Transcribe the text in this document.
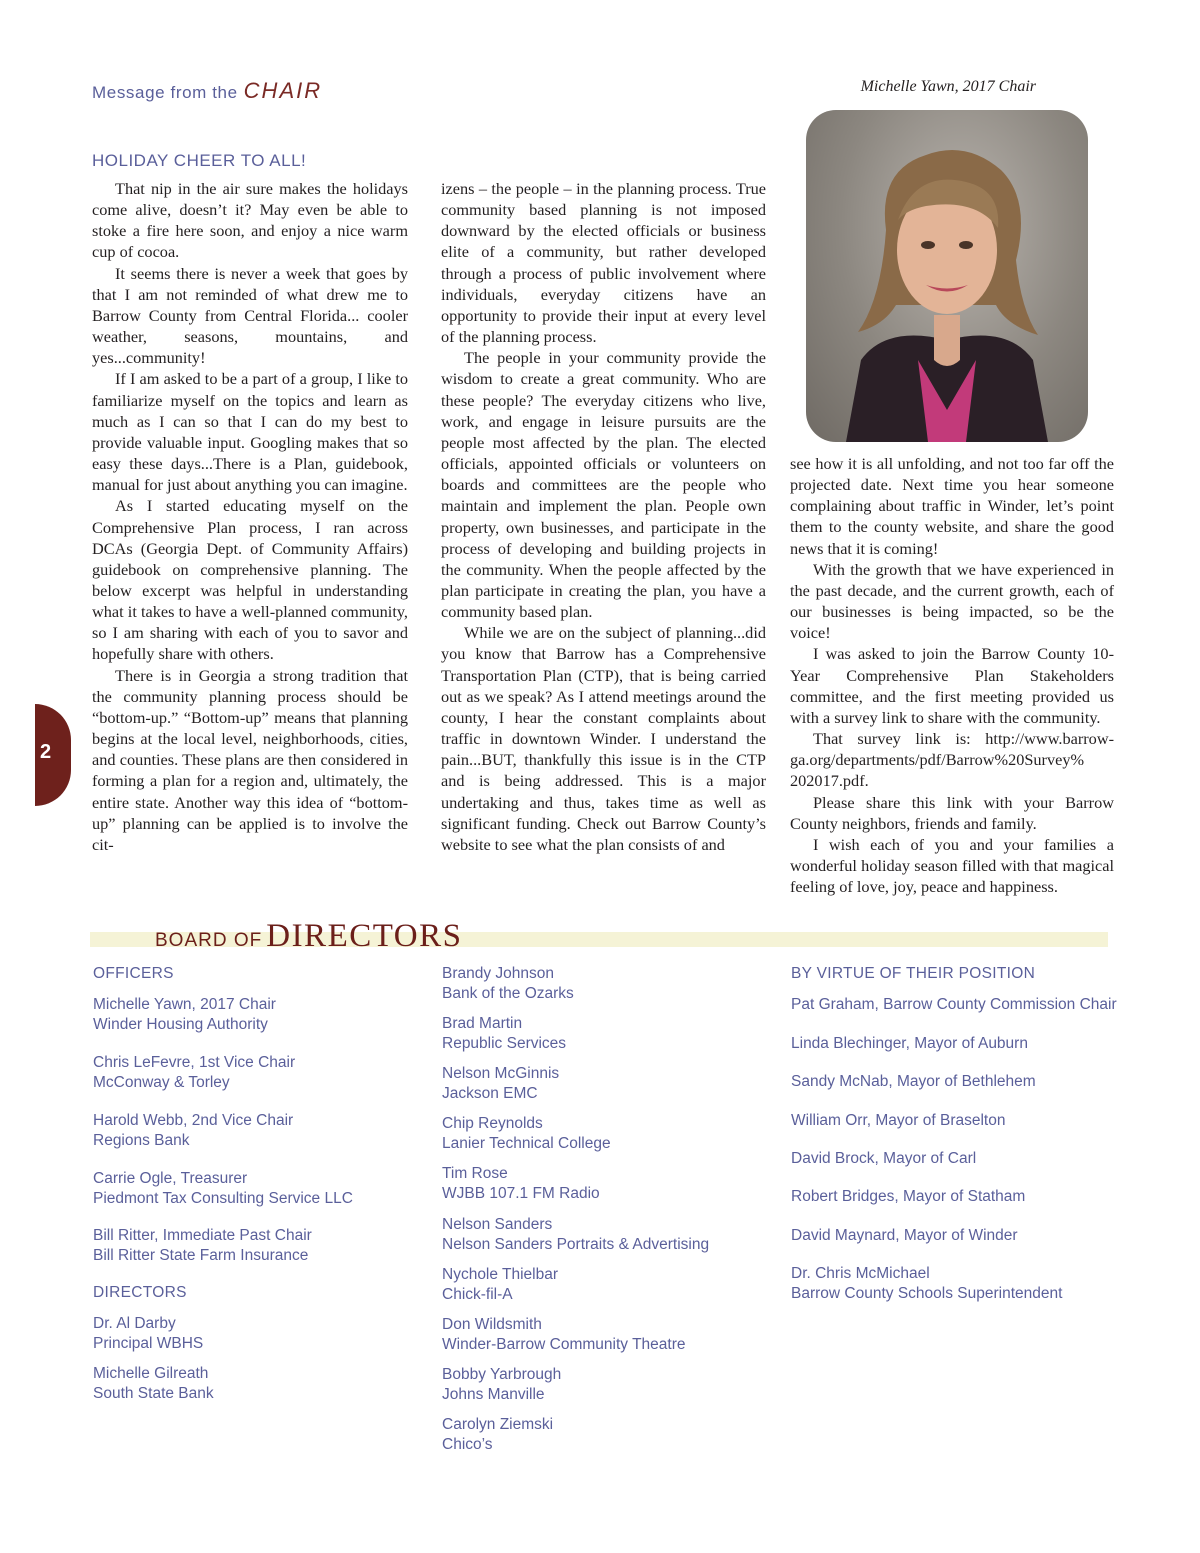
Message from the CHAIR	Michelle Yawn, 2017 Chair
HOLIDAY CHEER TO ALL!

That nip in the air sure makes the holidays come alive, doesn’t it? May even be able to stoke a fire here soon, and enjoy a nice warm cup of cocoa.

It seems there is never a week that goes by that I am not reminded of what drew me to Barrow County from Central Florida... cooler weather, seasons, mountains, and yes...community!

If I am asked to be a part of a group, I like to familiarize myself on the topics and learn as much as I can so that I can do my best to provide valuable input. Googling makes that so easy these days...There is a Plan, guidebook, manual for just about anything you can imagine.

As I started educating myself on the Comprehensive Plan process, I ran across DCAs (Georgia Dept. of Community Affairs) guidebook on comprehensive planning. The below excerpt was helpful in understanding what it takes to have a well-planned community, so I am sharing with each of you to savor and hopefully share with others.

There is in Georgia a strong tradition that the community planning process should be “bottom-up.” “Bottom-up” means that planning begins at the local level, neighborhoods, cities, and counties. These plans are then considered in forming a plan for a region and, ultimately, the entire state. Another way this idea of “bottom-up” planning can be applied is to involve the cit-

izens – the people – in the planning process. True community based planning is not imposed downward by the elected officials or business elite of a community, but rather developed through a process of public involvement where individuals, everyday citizens have an opportunity to provide their input at every level of the planning process.

The people in your community provide the wisdom to create a great community. Who are these people? The everyday citizens who live, work, and engage in leisure pursuits are the people most affected by the plan. The elected officials, appointed officials or volunteers on boards and committees are the people who maintain and implement the plan. People own property, own businesses, and participate in the process of developing and building projects in the community. When the people affected by the plan participate in creating the plan, you have a community based plan.

While we are on the subject of planning...did you know that Barrow has a Comprehensive Transportation Plan (CTP), that is being carried out as we speak? As I attend meetings around the county, I hear the constant complaints about traffic in downtown Winder. I understand the pain...BUT, thankfully this issue is in the CTP and is being addressed. This is a major undertaking and thus, takes time as well as significant funding. Check out Barrow County’s website to see what the plan consists of and

see how it is all unfolding, and not too far off the projected date. Next time you hear someone complaining about traffic in Winder, let’s point them to the county website, and share the good news that it is coming!

With the growth that we have experienced in the past decade, and the current growth, each of our businesses is being impacted, so be the voice!

I was asked to join the Barrow County 10-Year Comprehensive Plan Stakeholders committee, and the first meeting provided us with a survey link to share with the community.

That survey link is: http://www.barrow-ga.org/departments/pdf/Barrow%20Survey% 202017.pdf.

Please share this link with your Barrow County neighbors, friends and family.

I wish each of you and your families a wonderful holiday season filled with that magical feeling of love, joy, peace and happiness.

2
BOARD OF DIRECTORS
OFFICERS
Michelle Yawn, 2017 Chair
Winder Housing Authority
Chris LeFevre, 1st Vice Chair
McConway & Torley
Harold Webb, 2nd Vice Chair
Regions Bank
Carrie Ogle, Treasurer
Piedmont Tax Consulting Service LLC
Bill Ritter, Immediate Past Chair
Bill Ritter State Farm Insurance
DIRECTORS
Dr. Al Darby
Principal WBHS
Michelle Gilreath
South State Bank
Brandy Johnson
Bank of the Ozarks
Brad Martin
Republic Services
Nelson McGinnis
Jackson EMC
Chip Reynolds
Lanier Technical College
Tim Rose
WJBB 107.1 FM Radio
Nelson Sanders
Nelson Sanders Portraits & Advertising
Nychole Thielbar
Chick-fil-A
Don Wildsmith
Winder-Barrow Community Theatre
Bobby Yarbrough
Johns Manville
Carolyn Ziemski
Chico’s
BY VIRTUE OF THEIR POSITION
Pat Graham, Barrow County Commission Chair
Linda Blechinger, Mayor of Auburn
Sandy McNab, Mayor of Bethlehem
William Orr, Mayor of Braselton
David Brock, Mayor of Carl
Robert Bridges, Mayor of Statham
David Maynard, Mayor of Winder
Dr. Chris McMichael
Barrow County Schools Superintendent
